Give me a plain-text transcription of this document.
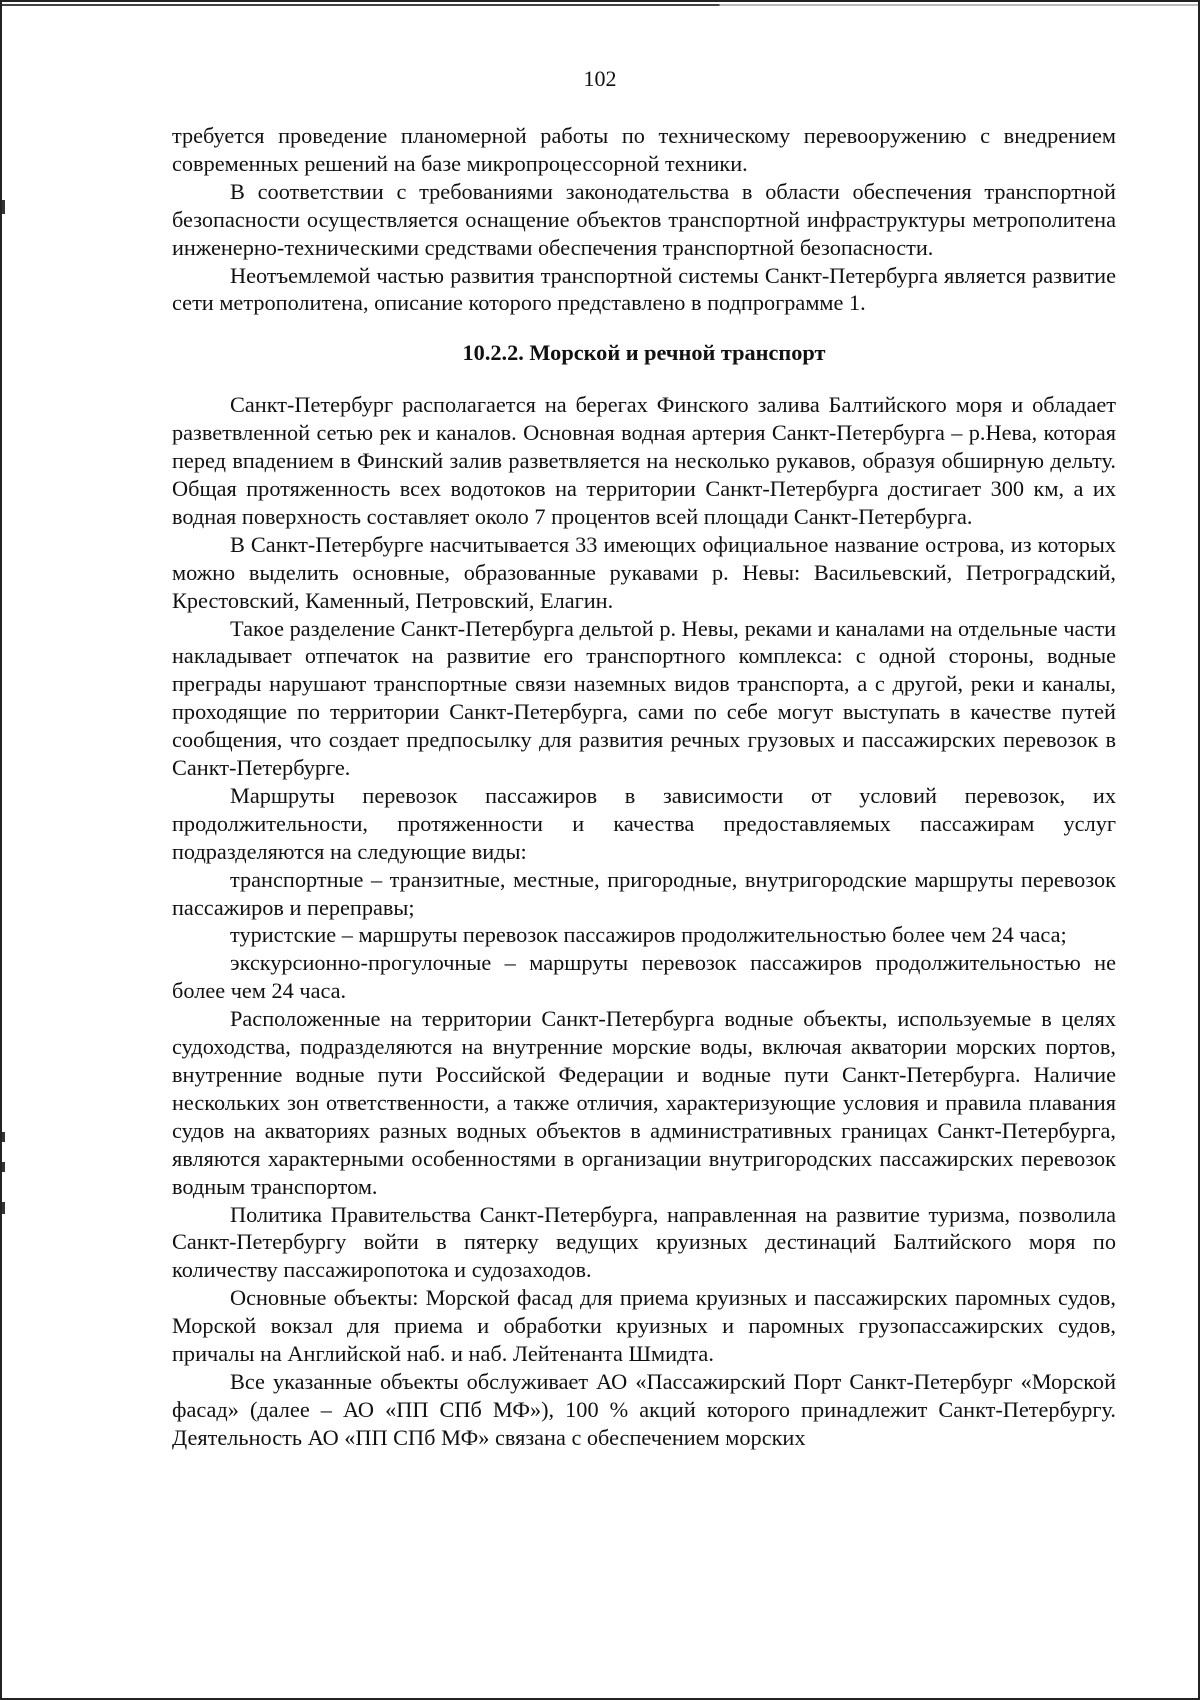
102

требуется проведение планомерной работы по техническому перевооружению с внедрением современных решений на базе микропроцессорной техники.

В соответствии с требованиями законодательства в области обеспечения транспортной безопасности осуществляется оснащение объектов транспортной инфраструктуры метрополитена инженерно-техническими средствами обеспечения транспортной безопасности.

Неотъемлемой частью развития транспортной системы Санкт-Петербурга является развитие сети метрополитена, описание которого представлено в подпрограмме 1.

10.2.2. Морской и речной транспорт

Санкт-Петербург располагается на берегах Финского залива Балтийского моря и обладает разветвленной сетью рек и каналов. Основная водная артерия Санкт-Петербурга – р.Нева, которая перед впадением в Финский залив разветвляется на несколько рукавов, образуя обширную дельту. Общая протяженность всех водотоков на территории Санкт-Петербурга достигает 300 км, а их водная поверхность составляет около 7 процентов всей площади Санкт-Петербурга.

В Санкт-Петербурге насчитывается 33 имеющих официальное название острова, из которых можно выделить основные, образованные рукавами р. Невы: Васильевский, Петроградский, Крестовский, Каменный, Петровский, Елагин.

Такое разделение Санкт-Петербурга дельтой р. Невы, реками и каналами на отдельные части накладывает отпечаток на развитие его транспортного комплекса: с одной стороны, водные преграды нарушают транспортные связи наземных видов транспорта, а с другой, реки и каналы, проходящие по территории Санкт-Петербурга, сами по себе могут выступать в качестве путей сообщения, что создает предпосылку для развития речных грузовых и пассажирских перевозок в Санкт-Петербурге.

Маршруты перевозок пассажиров в зависимости от условий перевозок, их продолжительности, протяженности и качества предоставляемых пассажирам услуг подразделяются на следующие виды:

транспортные – транзитные, местные, пригородные, внутригородские маршруты перевозок пассажиров и переправы;

туристские – маршруты перевозок пассажиров продолжительностью более чем 24 часа;

экскурсионно-прогулочные – маршруты перевозок пассажиров продолжительностью не более чем 24 часа.

Расположенные на территории Санкт-Петербурга водные объекты, используемые в целях судоходства, подразделяются на внутренние морские воды, включая акватории морских портов, внутренние водные пути Российской Федерации и водные пути Санкт-Петербурга. Наличие нескольких зон ответственности, а также отличия, характеризующие условия и правила плавания судов на акваториях разных водных объектов в административных границах Санкт-Петербурга, являются характерными особенностями в организации внутригородских пассажирских перевозок водным транспортом.

Политика Правительства Санкт-Петербурга, направленная на развитие туризма, позволила Санкт-Петербургу войти в пятерку ведущих круизных дестинаций Балтийского моря по количеству пассажиропотока и судозаходов.

Основные объекты: Морской фасад для приема круизных и пассажирских паромных судов, Морской вокзал для приема и обработки круизных и паромных грузопассажирских судов, причалы на Английской наб. и наб. Лейтенанта Шмидта.

Все указанные объекты обслуживает АО «Пассажирский Порт Санкт-Петербург «Морской фасад» (далее – АО «ПП СПб МФ»), 100 % акций которого принадлежит Санкт-Петербургу. Деятельность АО «ПП СПб МФ» связана с обеспечением морских
